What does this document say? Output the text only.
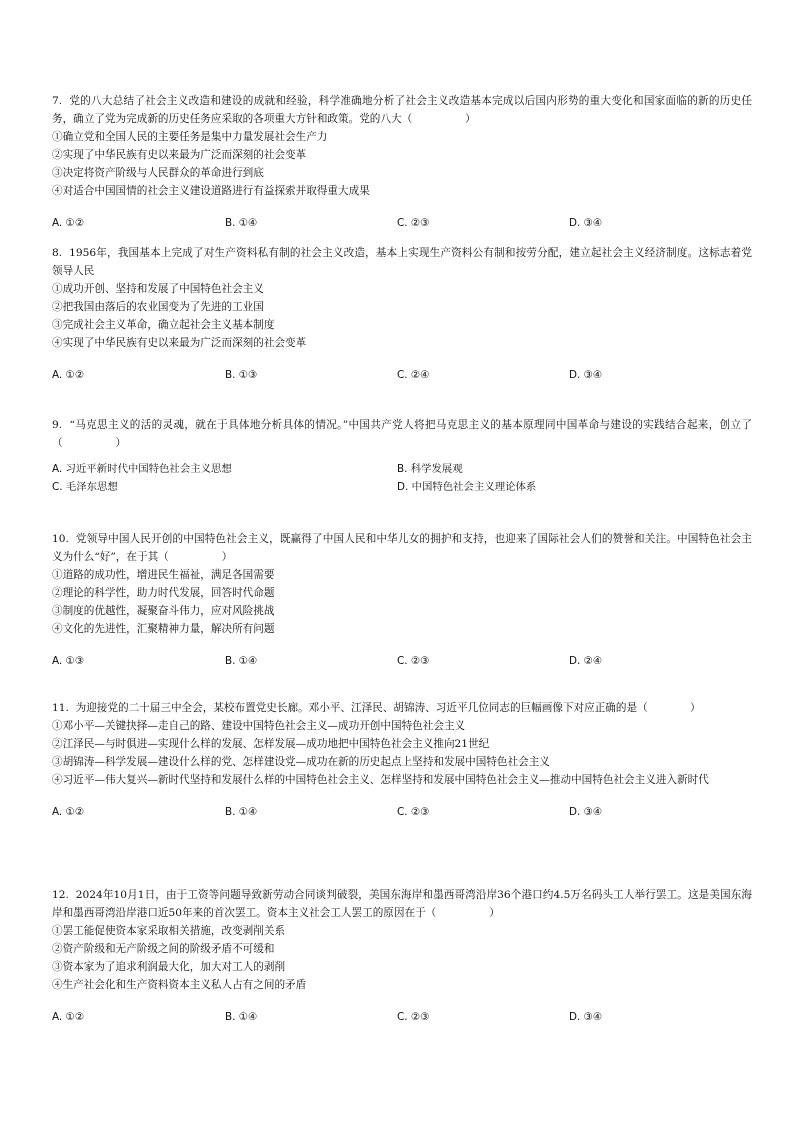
7. 党的八大总结了社会主义改造和建设的成就和经验，科学准确地分析了社会主义改造基本完成以后国内形势的重大变化和国家面临的新的历史任务，确立了党为完成新的历史任务应采取的各项重大方针和政策。党的八大（　　　　　）

①确立党和全国人民的主要任务是集中力量发展社会生产力

②实现了中华民族有史以来最为广泛而深刻的社会变革

③决定将资产阶级与人民群众的革命进行到底

④对适合中国国情的社会主义建设道路进行有益探索并取得重大成果

A. ①②	B. ①④	C. ②③	D. ③④

8. 1956年，我国基本上完成了对生产资料私有制的社会主义改造，基本上实现生产资料公有制和按劳分配，建立起社会主义经济制度。这标志着党领导人民

①成功开创、坚持和发展了中国特色社会主义

②把我国由落后的农业国变为了先进的工业国

③完成社会主义革命，确立起社会主义基本制度

④实现了中华民族有史以来最为广泛而深刻的社会变革

A. ①②	B. ①③	C. ②④	D. ③④

9. “马克思主义的活的灵魂，就在于具体地分析具体的情况。”中国共产党人将把马克思主义的基本原理同中国革命与建设的实践结合起来，创立了（　　　　　）

A. 习近平新时代中国特色社会主义思想	B. 科学发展观
C. 毛泽东思想	D. 中国特色社会主义理论体系

10. 党领导中国人民开创的中国特色社会主义，既赢得了中国人民和中华儿女的拥护和支持，也迎来了国际社会人们的赞誉和关注。中国特色社会主义为什么“好”，在于其（　　　　　）

①道路的成功性，增进民生福祉，满足各国需要

②理论的科学性，助力时代发展，回答时代命题

③制度的优越性，凝聚奋斗伟力，应对风险挑战

④文化的先进性，汇聚精神力量，解决所有问题

A. ①③	B. ①④	C. ②③	D. ②④

11. 为迎接党的二十届三中全会，某校布置党史长廊。邓小平、江泽民、胡锦涛、习近平几位同志的巨幅画像下对应正确的是（　　　　）

①邓小平—关键抉择—走自己的路、建设中国特色社会主义—成功开创中国特色社会主义

②江泽民—与时俱进—实现什么样的发展、怎样发展—成功地把中国特色社会主义推向21世纪

③胡锦涛—科学发展—建设什么样的党、怎样建设党—成功在新的历史起点上坚持和发展中国特色社会主义

④习近平—伟大复兴—新时代坚持和发展什么样的中国特色社会主义、怎样坚持和发展中国特色社会主义—推动中国特色社会主义进入新时代

A. ①②	B. ①④	C. ②③	D. ③④

12. 2024年10月1日，由于工资等问题导致新劳动合同谈判破裂，美国东海岸和墨西哥湾沿岸36个港口约4.5万名码头工人举行罢工。这是美国东海岸和墨西哥湾沿岸港口近50年来的首次罢工。资本主义社会工人罢工的原因在于（　　　　　）

①罢工能促使资本家采取相关措施，改变剥削关系

②资产阶级和无产阶级之间的阶级矛盾不可缓和

③资本家为了追求利润最大化，加大对工人的剥削

④生产社会化和生产资料资本主义私人占有之间的矛盾

A. ①②	B. ①④	C. ②③	D. ③④
